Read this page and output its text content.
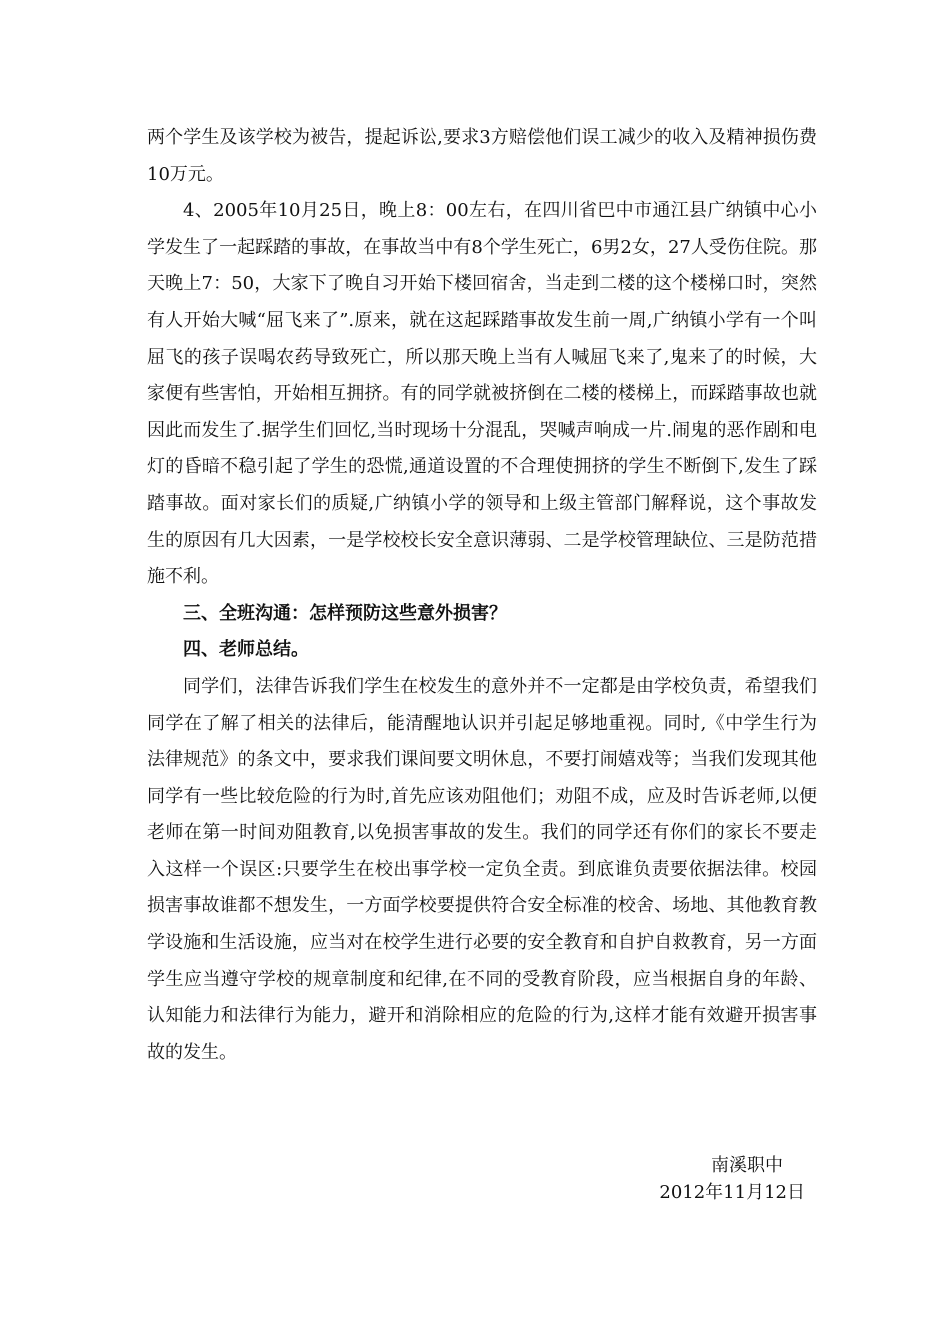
两个学生及该学校为被告，提起诉讼,要求3方赔偿他们误工减少的收入及精神损伤费10万元。

4、2005年10月25日，晚上8：00左右，在四川省巴中市通江县广纳镇中心小学发生了一起踩踏的事故，在事故当中有8个学生死亡，6男2女，27人受伤住院。那天晚上7：50，大家下了晚自习开始下楼回宿舍，当走到二楼的这个楼梯口时，突然有人开始大喊“屈飞来了”.原来，就在这起踩踏事故发生前一周,广纳镇小学有一个叫屈飞的孩子误喝农药导致死亡，所以那天晚上当有人喊屈飞来了,鬼来了的时候，大家便有些害怕，开始相互拥挤。有的同学就被挤倒在二楼的楼梯上，而踩踏事故也就因此而发生了.据学生们回忆,当时现场十分混乱，哭喊声响成一片.闹鬼的恶作剧和电灯的昏暗不稳引起了学生的恐慌,通道设置的不合理使拥挤的学生不断倒下,发生了踩踏事故。面对家长们的质疑,广纳镇小学的领导和上级主管部门解释说，这个事故发生的原因有几大因素，一是学校校长安全意识薄弱、二是学校管理缺位、三是防范措施不利。

三、全班沟通：怎样预防这些意外损害？

四、老师总结。

同学们，法律告诉我们学生在校发生的意外并不一定都是由学校负责，希望我们同学在了解了相关的法律后，能清醒地认识并引起足够地重视。同时,《中学生行为法律规范》的条文中，要求我们课间要文明休息，不要打闹嬉戏等；当我们发现其他同学有一些比较危险的行为时,首先应该劝阻他们；劝阻不成，应及时告诉老师,以便老师在第一时间劝阻教育,以免损害事故的发生。我们的同学还有你们的家长不要走入这样一个误区:只要学生在校出事学校一定负全责。到底谁负责要依据法律。校园损害事故谁都不想发生，一方面学校要提供符合安全标准的校舍、场地、其他教育教学设施和生活设施，应当对在校学生进行必要的安全教育和自护自救教育，另一方面学生应当遵守学校的规章制度和纪律,在不同的受教育阶段，应当根据自身的年龄、认知能力和法律行为能力，避开和消除相应的危险的行为,这样才能有效避开损害事故的发生。

南溪职中
2012年11月12日
